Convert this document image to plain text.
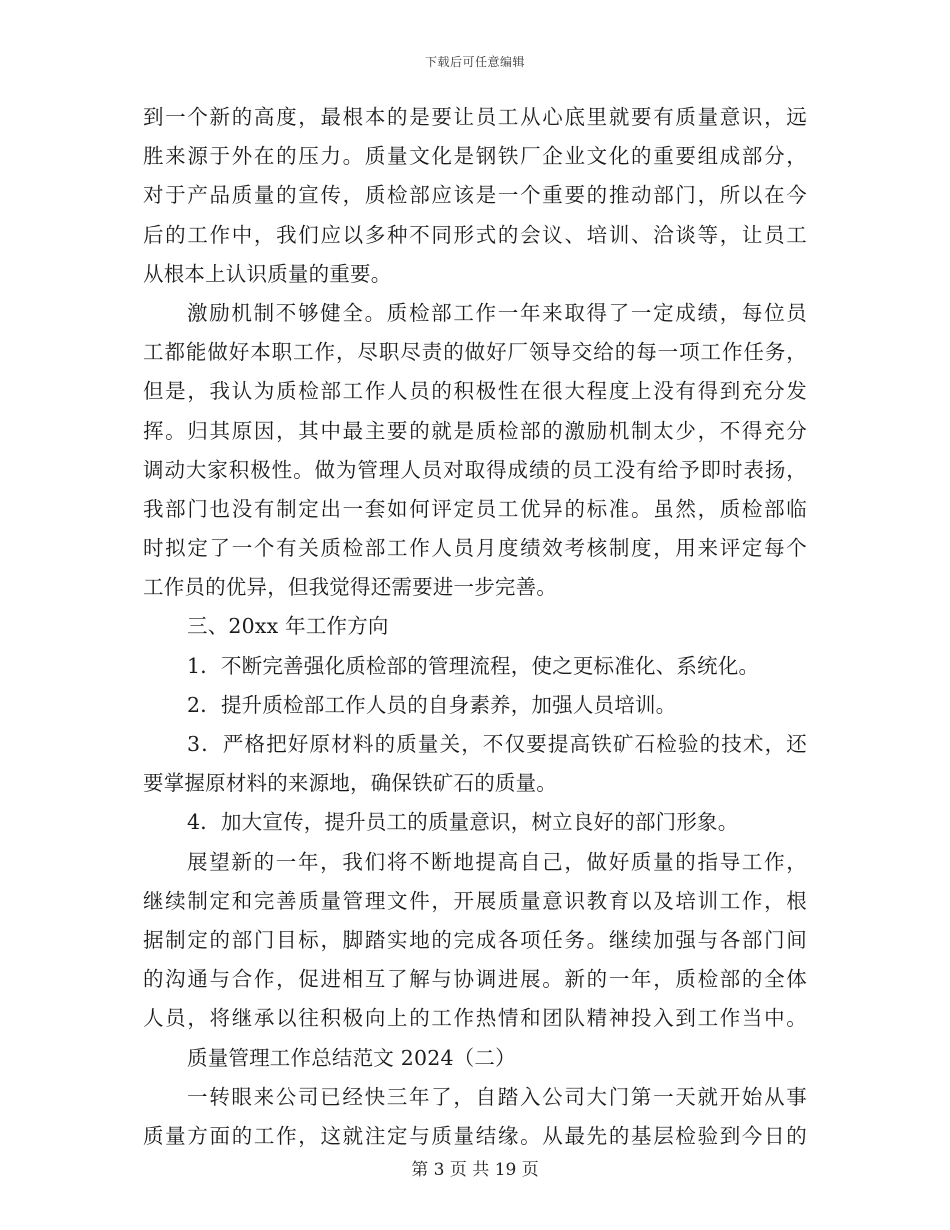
下载后可任意编辑
到一个新的高度，最根本的是要让员工从心底里就要有质量意识，远
胜来源于外在的压力。质量文化是钢铁厂企业文化的重要组成部分，
对于产品质量的宣传，质检部应该是一个重要的推动部门，所以在今
后的工作中，我们应以多种不同形式的会议、培训、洽谈等，让员工
从根本上认识质量的重要。
激励机制不够健全。质检部工作一年来取得了一定成绩，每位员
工都能做好本职工作，尽职尽责的做好厂领导交给的每一项工作任务，
但是，我认为质检部工作人员的积极性在很大程度上没有得到充分发
挥。归其原因，其中最主要的就是质检部的激励机制太少，不得充分
调动大家积极性。做为管理人员对取得成绩的员工没有给予即时表扬，
我部门也没有制定出一套如何评定员工优异的标准。虽然，质检部临
时拟定了一个有关质检部工作人员月度绩效考核制度，用来评定每个
工作员的优异，但我觉得还需要进一步完善。
三、20xx 年工作方向
1．不断完善强化质检部的管理流程，使之更标准化、系统化。
2．提升质检部工作人员的自身素养，加强人员培训。
3．严格把好原材料的质量关，不仅要提高铁矿石检验的技术，还
要掌握原材料的来源地，确保铁矿石的质量。
4．加大宣传，提升员工的质量意识，树立良好的部门形象。
展望新的一年，我们将不断地提高自己，做好质量的指导工作，
继续制定和完善质量管理文件，开展质量意识教育以及培训工作，根
据制定的部门目标，脚踏实地的完成各项任务。继续加强与各部门间
的沟通与合作，促进相互了解与协调进展。新的一年，质检部的全体
人员，将继承以往积极向上的工作热情和团队精神投入到工作当中。
质量管理工作总结范文 2024（二）
一转眼来公司已经快三年了，自踏入公司大门第一天就开始从事
质量方面的工作，这就注定与质量结缘。从最先的基层检验到今日的
第 3 页 共 19 页
